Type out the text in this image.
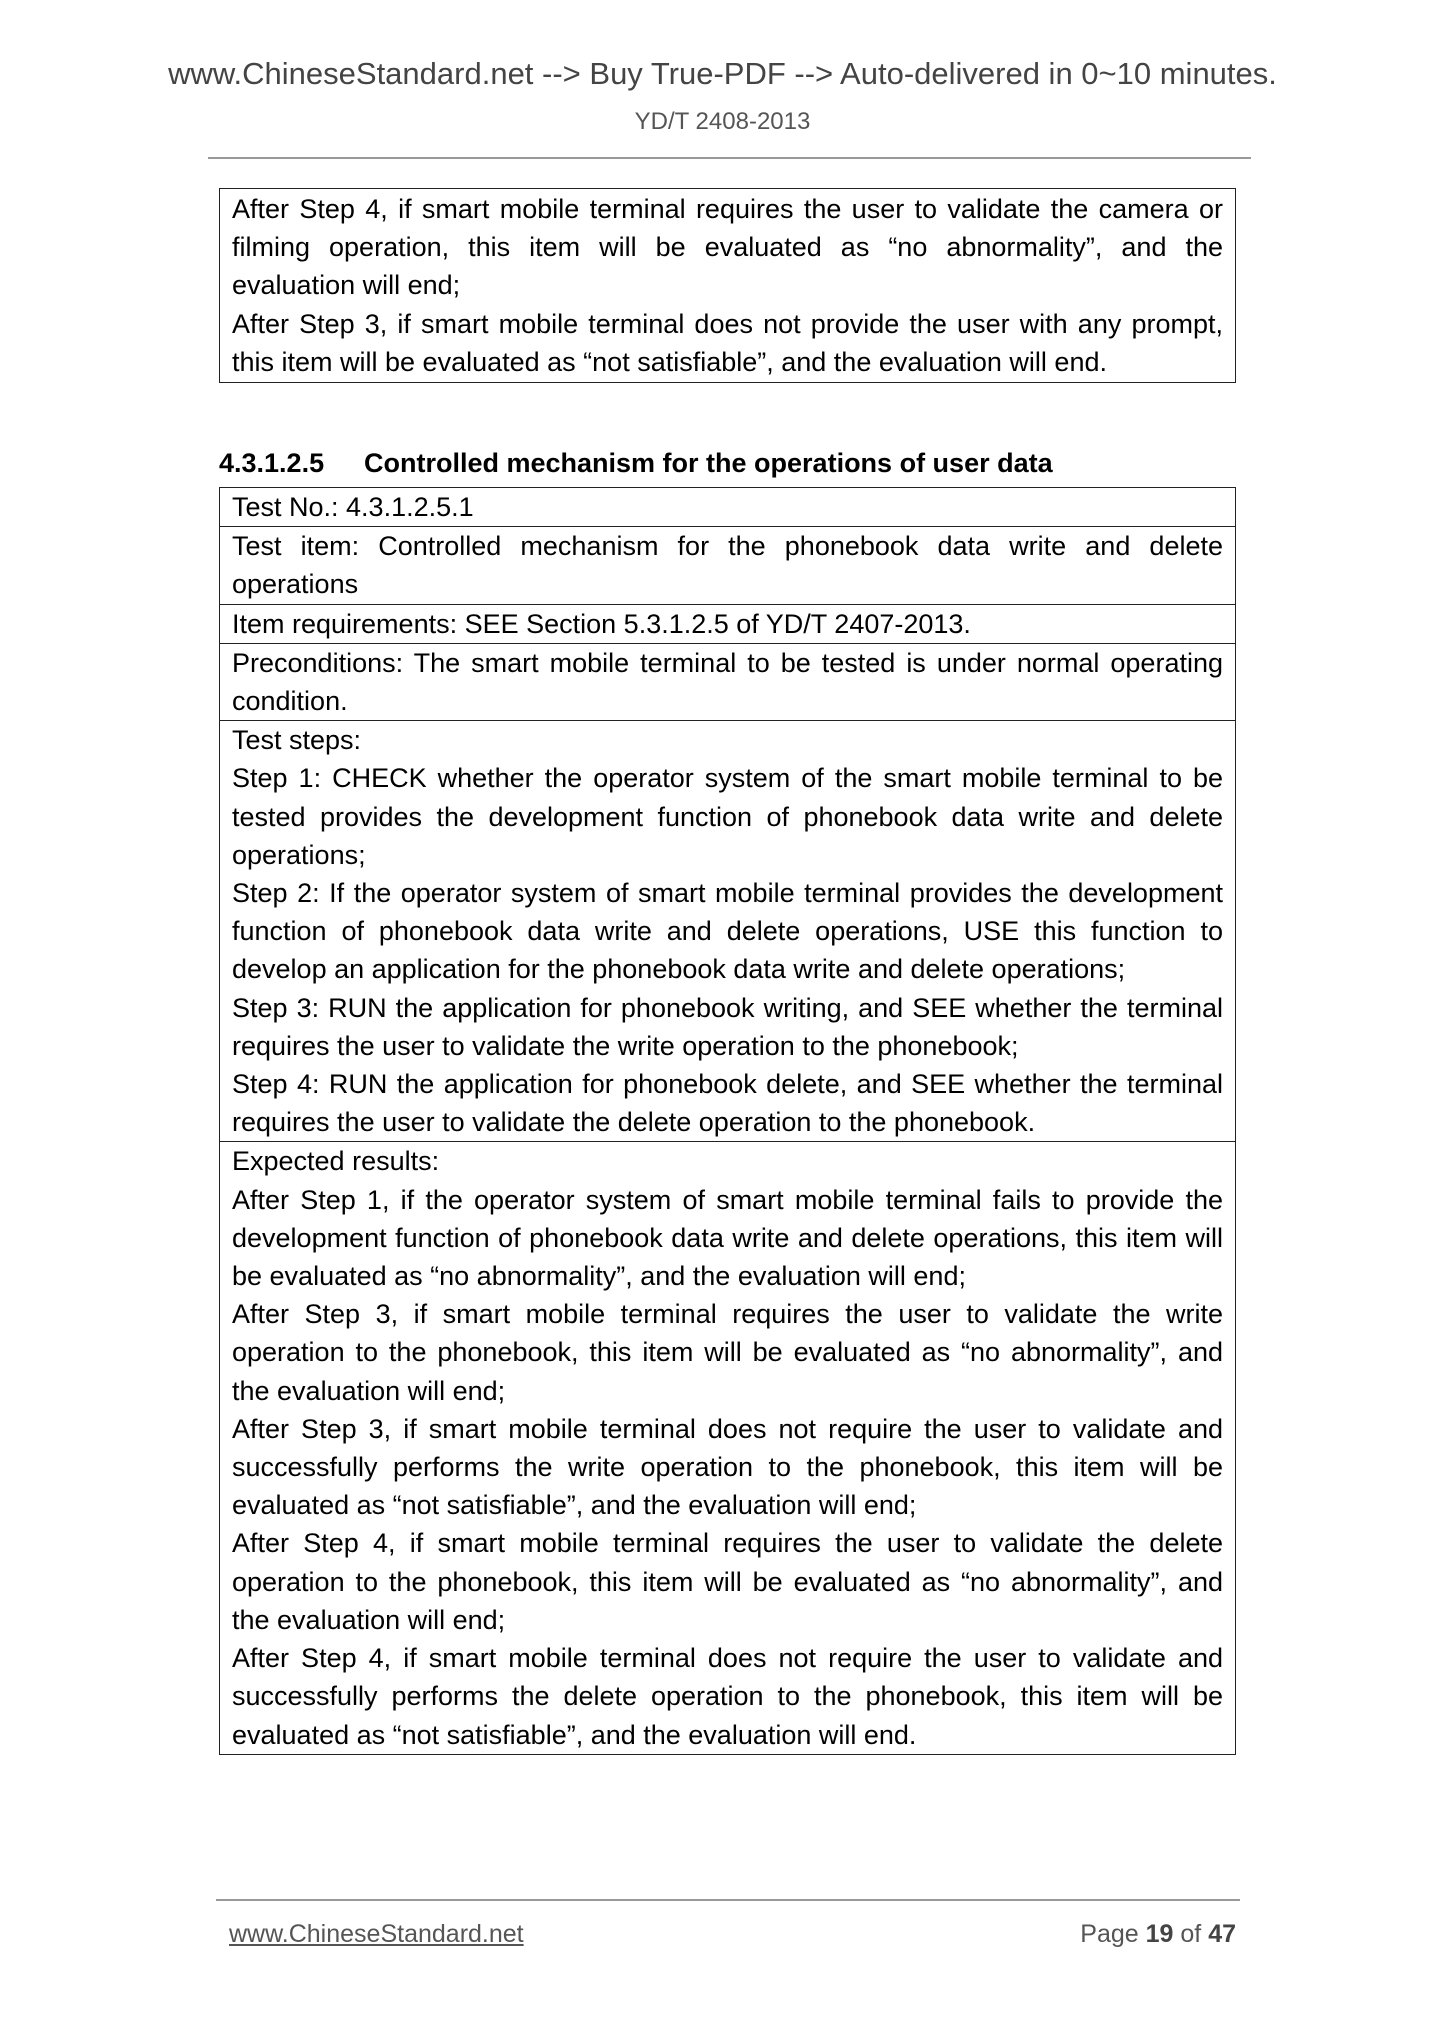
www.ChineseStandard.net --> Buy True-PDF --> Auto-delivered in 0~10 minutes.
YD/T 2408-2013
After Step 4, if smart mobile terminal requires the user to validate the camera or filming operation, this item will be evaluated as “no abnormality”, and the evaluation will end;
After Step 3, if smart mobile terminal does not provide the user with any prompt, this item will be evaluated as “not satisfiable”, and the evaluation will end.
4.3.1.2.5 Controlled mechanism for the operations of user data
Test No.: 4.3.1.2.5.1
Test item: Controlled mechanism for the phonebook data write and delete operations
Item requirements: SEE Section 5.3.1.2.5 of YD/T 2407-2013.
Preconditions: The smart mobile terminal to be tested is under normal operating condition.
Test steps:
Step 1: CHECK whether the operator system of the smart mobile terminal to be tested provides the development function of phonebook data write and delete operations;
Step 2: If the operator system of smart mobile terminal provides the development function of phonebook data write and delete operations, USE this function to develop an application for the phonebook data write and delete operations;
Step 3: RUN the application for phonebook writing, and SEE whether the terminal requires the user to validate the write operation to the phonebook;
Step 4: RUN the application for phonebook delete, and SEE whether the terminal requires the user to validate the delete operation to the phonebook.
Expected results:
After Step 1, if the operator system of smart mobile terminal fails to provide the development function of phonebook data write and delete operations, this item will be evaluated as “no abnormality”, and the evaluation will end;
After Step 3, if smart mobile terminal requires the user to validate the write operation to the phonebook, this item will be evaluated as “no abnormality”, and the evaluation will end;
After Step 3, if smart mobile terminal does not require the user to validate and successfully performs the write operation to the phonebook, this item will be evaluated as “not satisfiable”, and the evaluation will end;
After Step 4, if smart mobile terminal requires the user to validate the delete operation to the phonebook, this item will be evaluated as “no abnormality”, and the evaluation will end;
After Step 4, if smart mobile terminal does not require the user to validate and successfully performs the delete operation to the phonebook, this item will be evaluated as “not satisfiable”, and the evaluation will end.
www.ChineseStandard.net	Page 19 of 47
